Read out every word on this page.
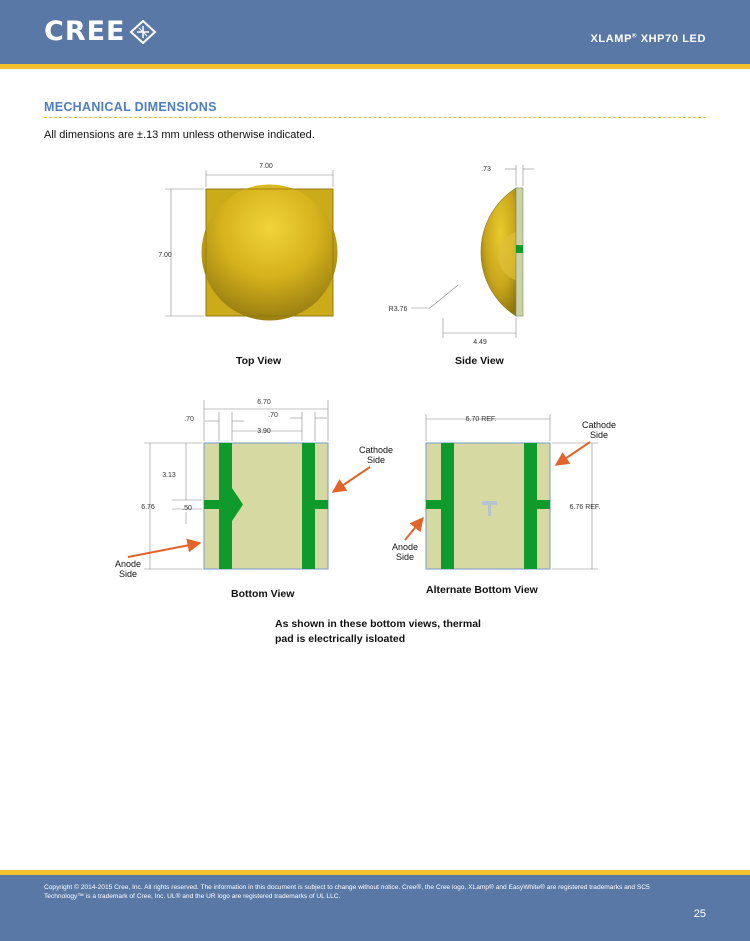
CREE	XLAMP® XHP70 LED
MECHANICAL DIMENSIONS
All dimensions are ±.13 mm unless otherwise indicated.
7.00
7.00
.73
R3.76
4.49
6.70
.70
.70
3.90
6.76
3.13
.50
Cathode
Side
Anode
Side
6.70 REF.
6.76 REF.
Cathode
Side
Anode
Side
Top View	Side View
Bottom View	Alternate Bottom View
As shown in these bottom views, thermal
pad is electrically isloated
Copyright © 2014-2015 Cree, Inc. All rights reserved. The information in this document is subject to change without notice. Cree®, the Cree logo, XLamp® and EasyWhite® are registered trademarks and SC5
Technology™ is a trademark of Cree, Inc. UL® and the UR logo are registered trademarks of UL LLC.
25
